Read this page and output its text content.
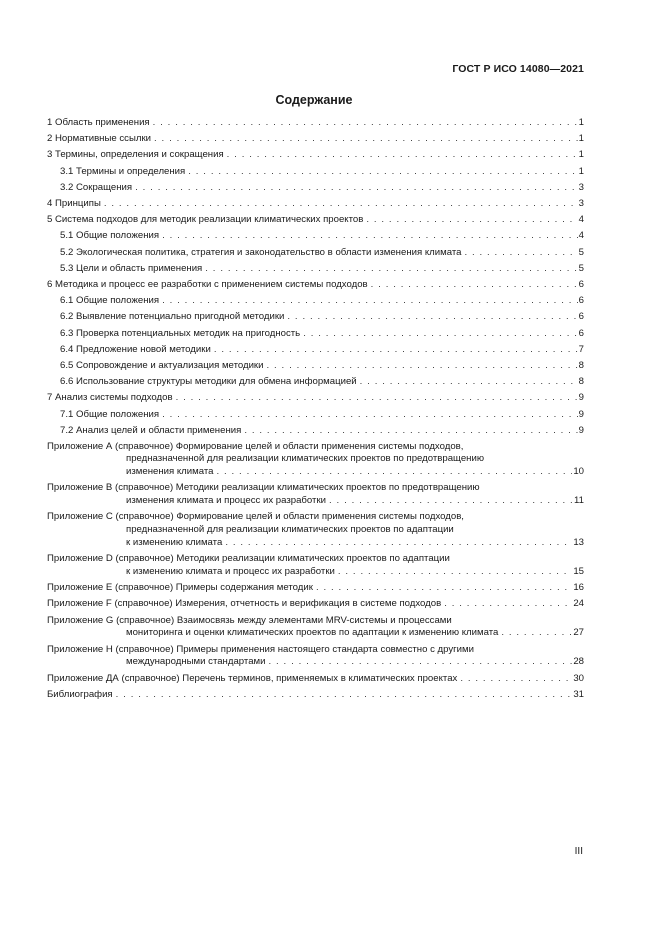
ГОСТ Р ИСО 14080—2021
Содержание
1 Область применения . . .	1
2 Нормативные ссылки . . .	1
3 Термины, определения и сокращения . . .	1
3.1 Термины и определения . . .	1
3.2 Сокращения . . .	3
4 Принципы . . .	3
5 Система подходов для методик реализации климатических проектов . . .	4
5.1 Общие положения . . .	4
5.2 Экологическая политика, стратегия и законодательство в области изменения климата . . .	5
5.3 Цели и область применения . . .	5
6 Методика и процесс ее разработки с применением системы подходов . . .	6
6.1 Общие положения . . .	6
6.2 Выявление потенциально пригодной методики . . .	6
6.3 Проверка потенциальных методик на пригодность . . .	6
6.4 Предложение новой методики . . .	7
6.5 Сопровождение и актуализация методики . . .	8
6.6 Использование структуры методики для обмена информацией . . .	8
7 Анализ системы подходов . . .	9
7.1 Общие положения . . .	9
7.2 Анализ целей и области применения . . .	9
Приложение А (справочное) Формирование целей и области применения системы подходов,
предназначенной для реализации климатических проектов по предотвращению
изменения климата . . .	10
Приложение В (справочное) Методики реализации климатических проектов по предотвращению
изменения климата и процесс их разработки . . .	11
Приложение С (справочное) Формирование целей и области применения системы подходов,
предназначенной для реализации климатических проектов по адаптации
к изменению климата . . .	13
Приложение D (справочное) Методики реализации климатических проектов по адаптации
к изменению климата и процесс их разработки . . .	15
Приложение Е (справочное) Примеры содержания методик . . .	16
Приложение F (справочное) Измерения, отчетность и верификация в системе подходов . . .	24
Приложение G (справочное) Взаимосвязь между элементами MRV-системы и процессами
мониторинга и оценки климатических проектов по адаптации к изменению климата . . .	27
Приложение Н (справочное) Примеры применения настоящего стандарта совместно с другими
международными стандартами . . .	28
Приложение ДА (справочное) Перечень терминов, применяемых в климатических проектах . . .	30
Библиография . . .	31
III
